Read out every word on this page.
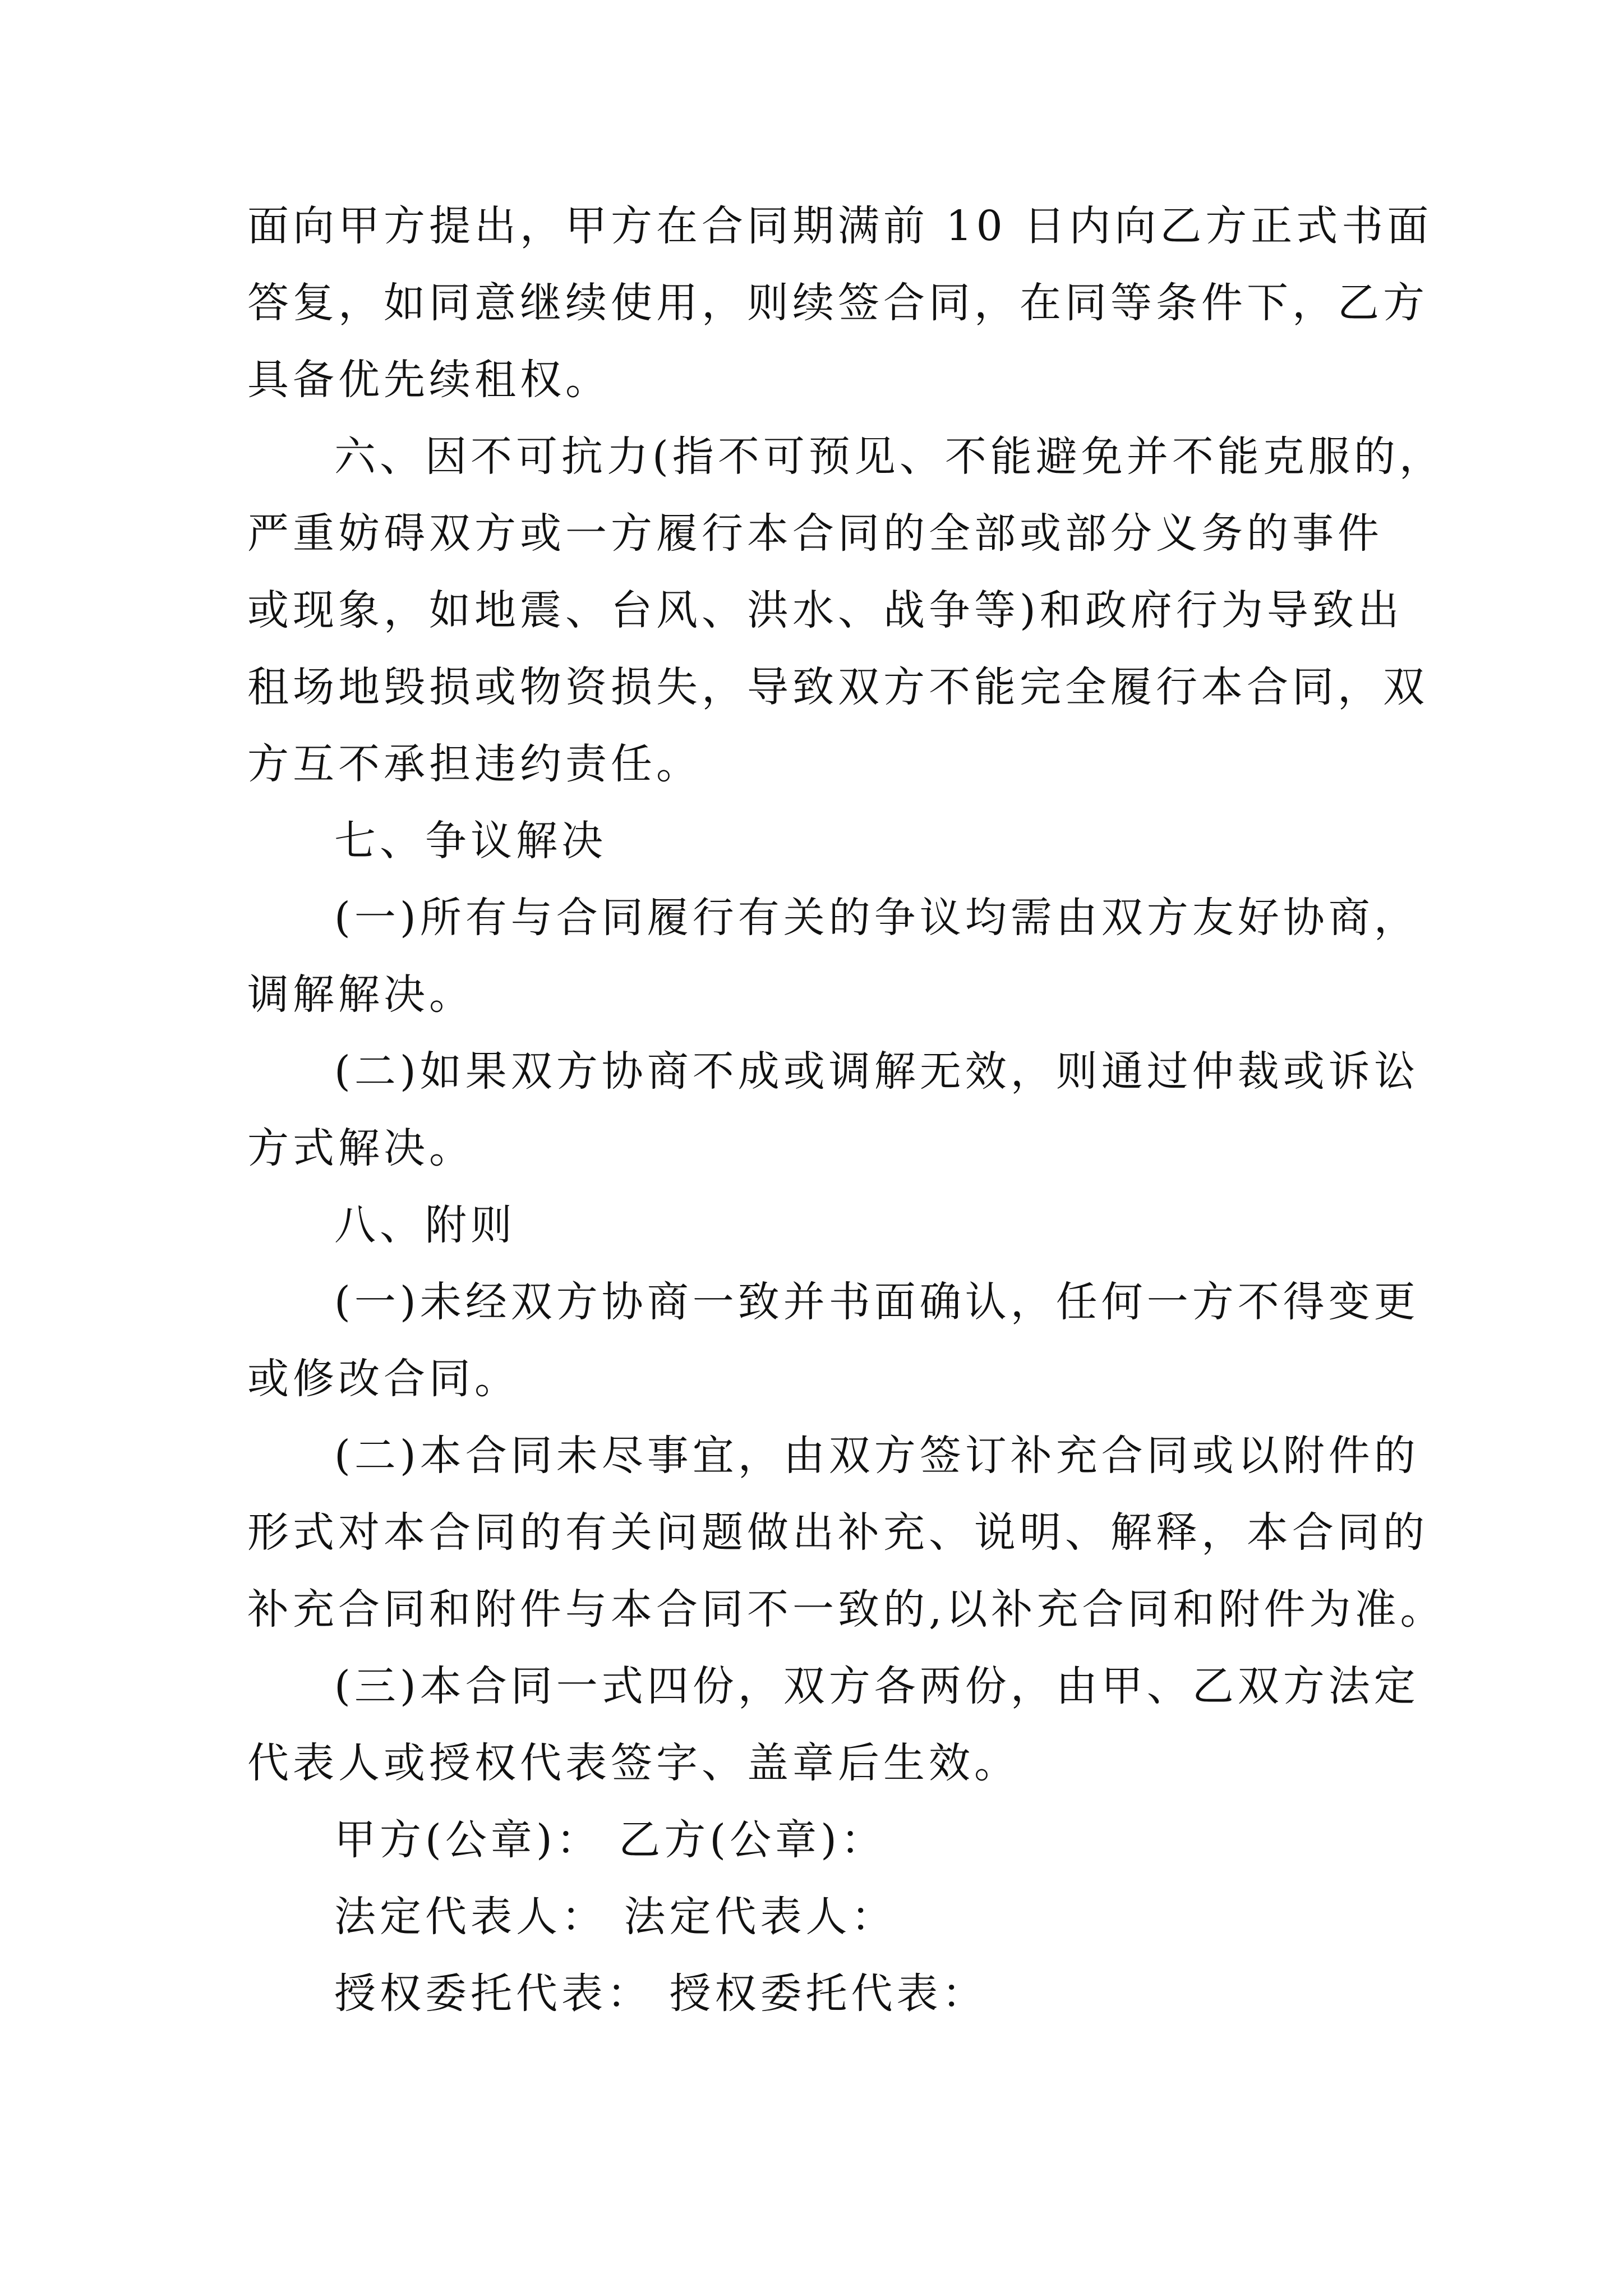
面向甲方提出，甲方在合同期满前 10 日内向乙方正式书面
答复，如同意继续使用，则续签合同，在同等条件下，乙方
具备优先续租权。
六、因不可抗力(指不可预见、不能避免并不能克服的，
严重妨碍双方或一方履行本合同的全部或部分义务的事件
或现象，如地震、台风、洪水、战争等)和政府行为导致出
租场地毁损或物资损失，导致双方不能完全履行本合同，双
方互不承担违约责任。
七、争议解决
(一)所有与合同履行有关的争议均需由双方友好协商，
调解解决。
(二)如果双方协商不成或调解无效，则通过仲裁或诉讼
方式解决。
八、附则
(一)未经双方协商一致并书面确认，任何一方不得变更
或修改合同。
(二)本合同未尽事宜，由双方签订补充合同或以附件的
形式对本合同的有关问题做出补充、说明、解释，本合同的
补充合同和附件与本合同不一致的,以补充合同和附件为准。
(三)本合同一式四份，双方各两份，由甲、乙双方法定
代表人或授权代表签字、盖章后生效。
甲方(公章)： 乙方(公章)：
法定代表人： 法定代表人：
授权委托代表： 授权委托代表：
